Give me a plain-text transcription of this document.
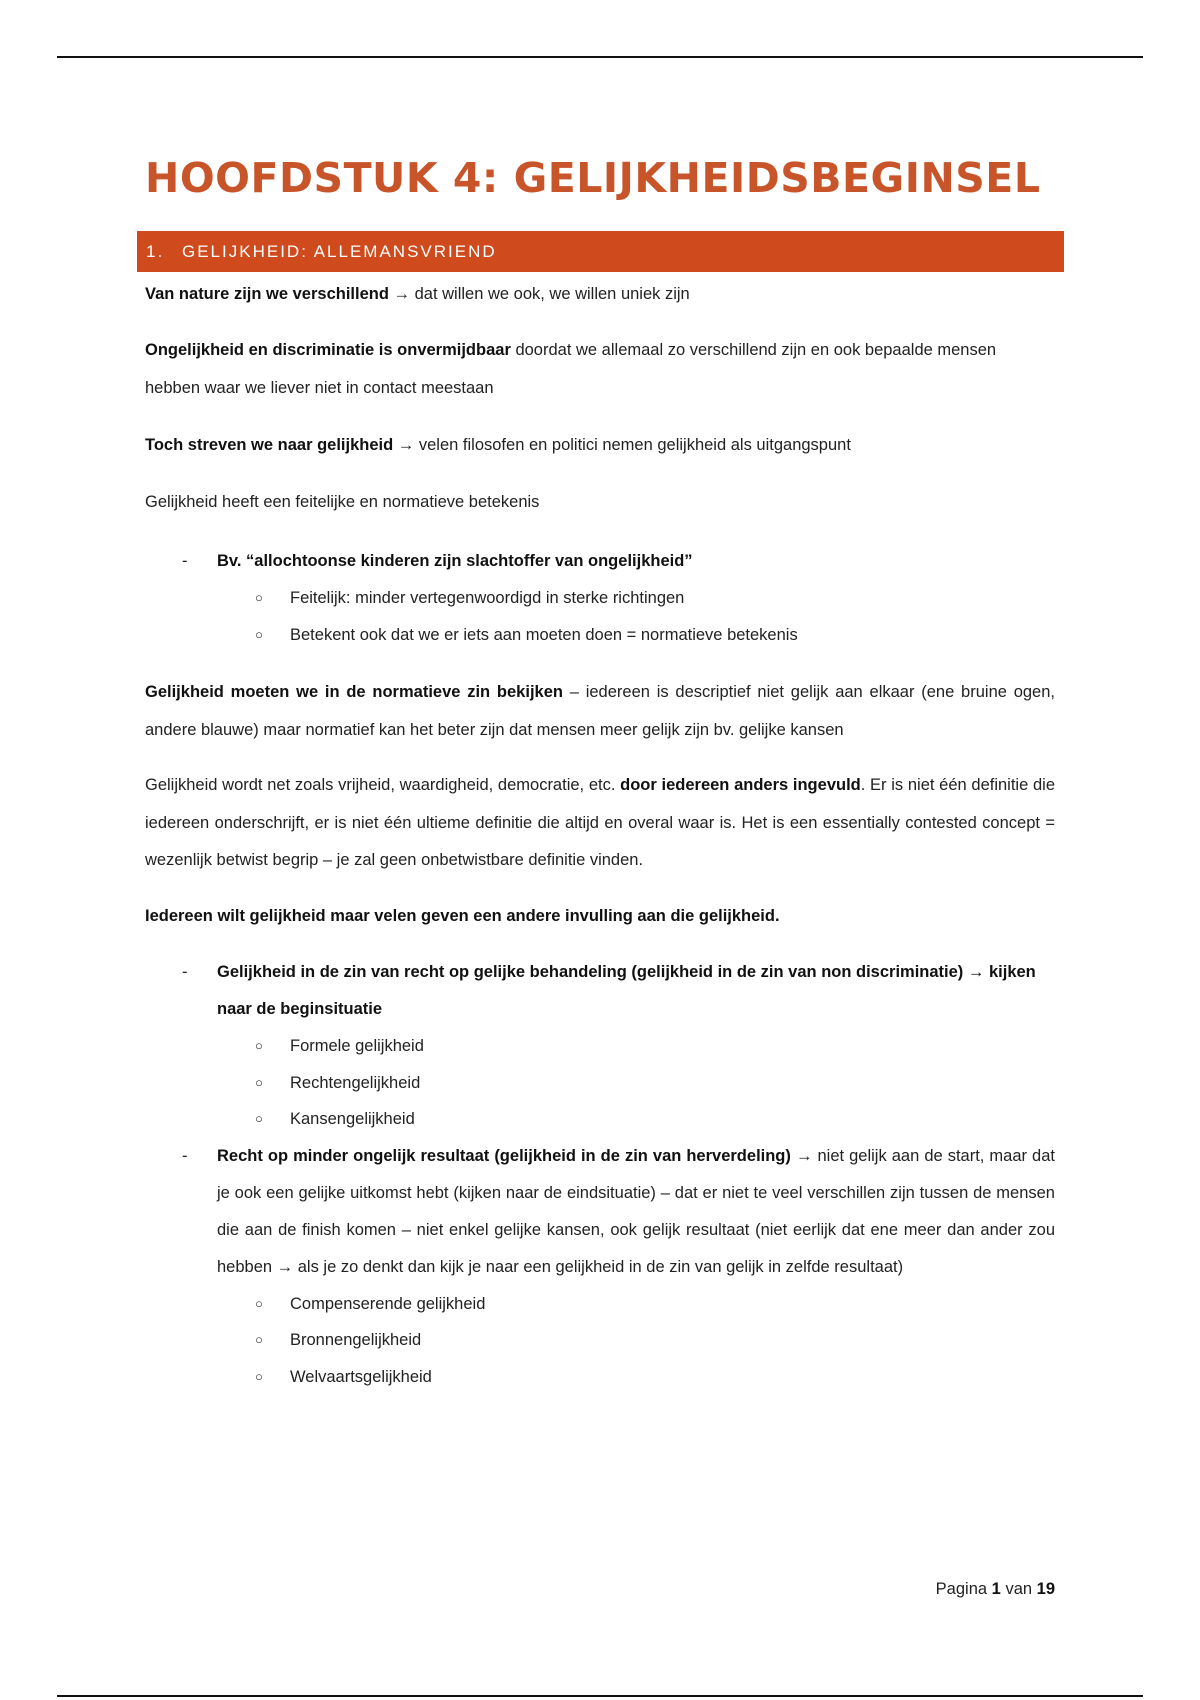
HOOFDSTUK 4: GELIJKHEIDSBEGINSEL
1. GELIJKHEID: ALLEMANSVRIEND

Van nature zijn we verschillend → dat willen we ook, we willen uniek zijn

Ongelijkheid en discriminatie is onvermijdbaar doordat we allemaal zo verschillend zijn en ook bepaalde mensen hebben waar we liever niet in contact meestaan

Toch streven we naar gelijkheid → velen filosofen en politici nemen gelijkheid als uitgangspunt

Gelijkheid heeft een feitelijke en normatieve betekenis

- Bv. “allochtoonse kinderen zijn slachtoffer van ongelijkheid”
○ Feitelijk: minder vertegenwoordigd in sterke richtingen
○ Betekent ook dat we er iets aan moeten doen = normatieve betekenis

Gelijkheid moeten we in de normatieve zin bekijken – iedereen is descriptief niet gelijk aan elkaar (ene bruine ogen, andere blauwe) maar normatief kan het beter zijn dat mensen meer gelijk zijn bv. gelijke kansen

Gelijkheid wordt net zoals vrijheid, waardigheid, democratie, etc. door iedereen anders ingevuld. Er is niet één definitie die iedereen onderschrijft, er is niet één ultieme definitie die altijd en overal waar is. Het is een essentially contested concept = wezenlijk betwist begrip – je zal geen onbetwistbare definitie vinden.

Iedereen wilt gelijkheid maar velen geven een andere invulling aan die gelijkheid.

- Gelijkheid in de zin van recht op gelijke behandeling (gelijkheid in de zin van non discriminatie) → kijken naar de beginsituatie
○ Formele gelijkheid
○ Rechtengelijkheid
○ Kansengelijkheid
- Recht op minder ongelijk resultaat (gelijkheid in de zin van herverdeling) → niet gelijk aan de start, maar dat je ook een gelijke uitkomst hebt (kijken naar de eindsituatie) – dat er niet te veel verschillen zijn tussen de mensen die aan de finish komen – niet enkel gelijke kansen, ook gelijk resultaat (niet eerlijk dat ene meer dan ander zou hebben → als je zo denkt dan kijk je naar een gelijkheid in de zin van gelijk in zelfde resultaat)
○ Compenserende gelijkheid
○ Bronnengelijkheid
○ Welvaartsgelijkheid
Pagina 1 van 19
